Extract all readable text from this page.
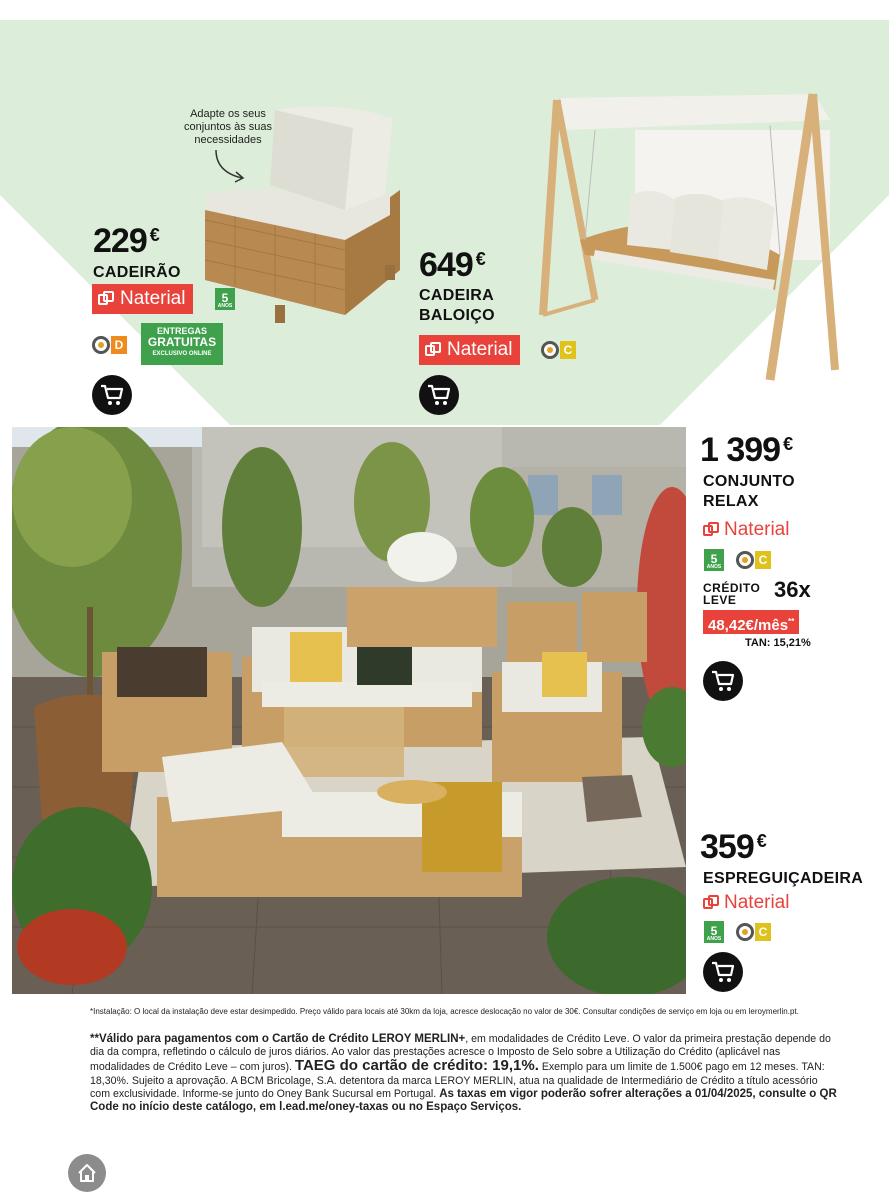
Adapte os seus conjuntos às suas necessidades
229 €
CADEIRÃO
Naterial	5
ANOS
D
ENTREGAS
GRATUITAS
EXCLUSIVO ONLINE
649 €
CADEIRA BALOIÇO
Naterial	C
1 399 €
CONJUNTO RELAX
Naterial
5
ANOS	C
CRÉDITO
LEVE	36x
48,42€/mês**
TAN: 15,21%
359 €
ESPREGUIÇADEIRA
Naterial
5
ANOS	C

*Instalação: O local da instalação deve estar desimpedido. Preço válido para locais até 30km da loja, acresce deslocação no valor de 30€. Consultar condições de serviço em loja ou em leroymerlin.pt.

**Válido para pagamentos com o Cartão de Crédito LEROY MERLIN+, em modalidades de Crédito Leve. O valor da primeira prestação depende do dia da compra, refletindo o cálculo de juros diários. Ao valor das prestações acresce o Imposto de Selo sobre a Utilização do Crédito (aplicável nas modalidades de Crédito Leve – com juros). TAEG do cartão de crédito: 19,1%. Exemplo para um limite de 1.500€ pago em 12 meses. TAN: 18,30%. Sujeito a aprovação. A BCM Bricolage, S.A. detentora da marca LEROY MERLIN, atua na qualidade de Intermediário de Crédito a título acessório com exclusividade. Informe-se junto do Oney Bank Sucursal em Portugal. As taxas em vigor poderão sofrer alterações a 01/04/2025, consulte o QR Code no início deste catálogo, em l.ead.me/oney-taxas ou no Espaço Serviços.
